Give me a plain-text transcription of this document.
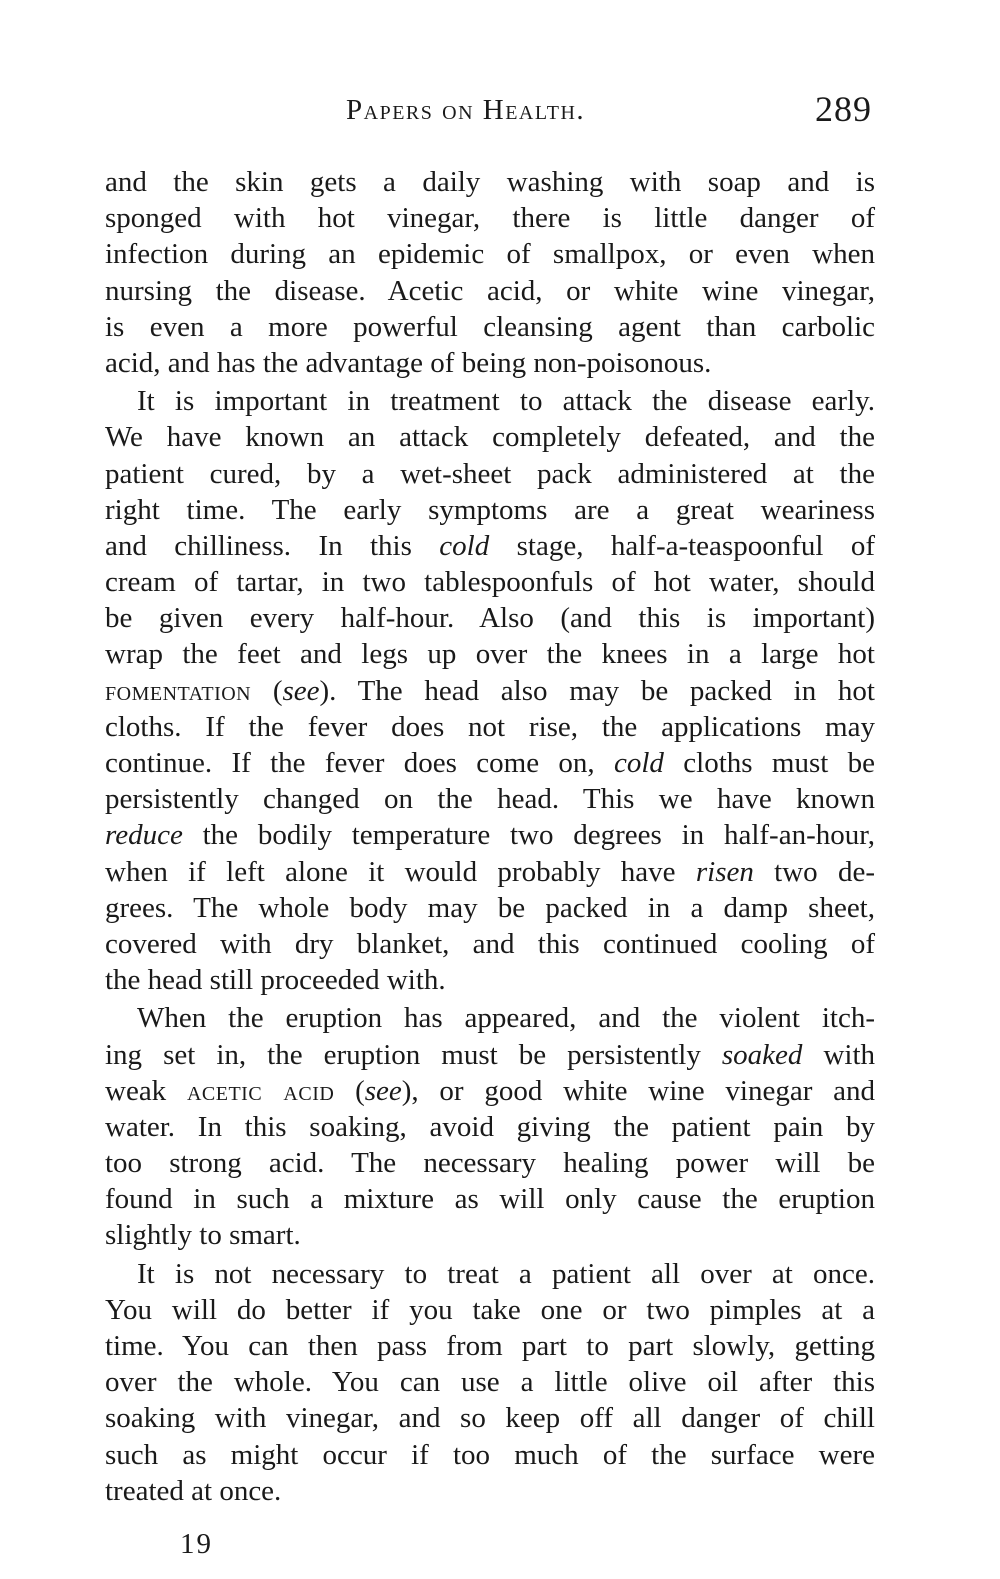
Papers on Health.	289
and the skin gets a daily washing with soap and is
sponged with hot vinegar, there is little danger of
infection during an epidemic of smallpox, or even when
nursing the disease. Acetic acid, or white wine vinegar,
is even a more powerful cleansing agent than carbolic
acid, and has the advantage of being non-poisonous.
It is important in treatment to attack the disease early.
We have known an attack completely defeated, and the
patient cured, by a wet-sheet pack administered at the
right time. The early symptoms are a great weariness
and chilliness. In this cold stage, half-a-teaspoonful of
cream of tartar, in two tablespoonfuls of hot water, should
be given every half-hour. Also (and this is important)
wrap the feet and legs up over the knees in a large hot
fomentation (see). The head also may be packed in hot
cloths. If the fever does not rise, the applications may
continue. If the fever does come on, cold cloths must be
persistently changed on the head. This we have known
reduce the bodily temperature two degrees in half-an-hour,
when if left alone it would probably have risen two de-
grees. The whole body may be packed in a damp sheet,
covered with dry blanket, and this continued cooling of
the head still proceeded with.
When the eruption has appeared, and the violent itch-
ing set in, the eruption must be persistently soaked with
weak acetic acid (see), or good white wine vinegar and
water. In this soaking, avoid giving the patient pain by
too strong acid. The necessary healing power will be
found in such a mixture as will only cause the eruption
slightly to smart.
It is not necessary to treat a patient all over at once.
You will do better if you take one or two pimples at a
time. You can then pass from part to part slowly, getting
over the whole. You can use a little olive oil after this
soaking with vinegar, and so keep off all danger of chill
such as might occur if too much of the surface were
treated at once.
19
